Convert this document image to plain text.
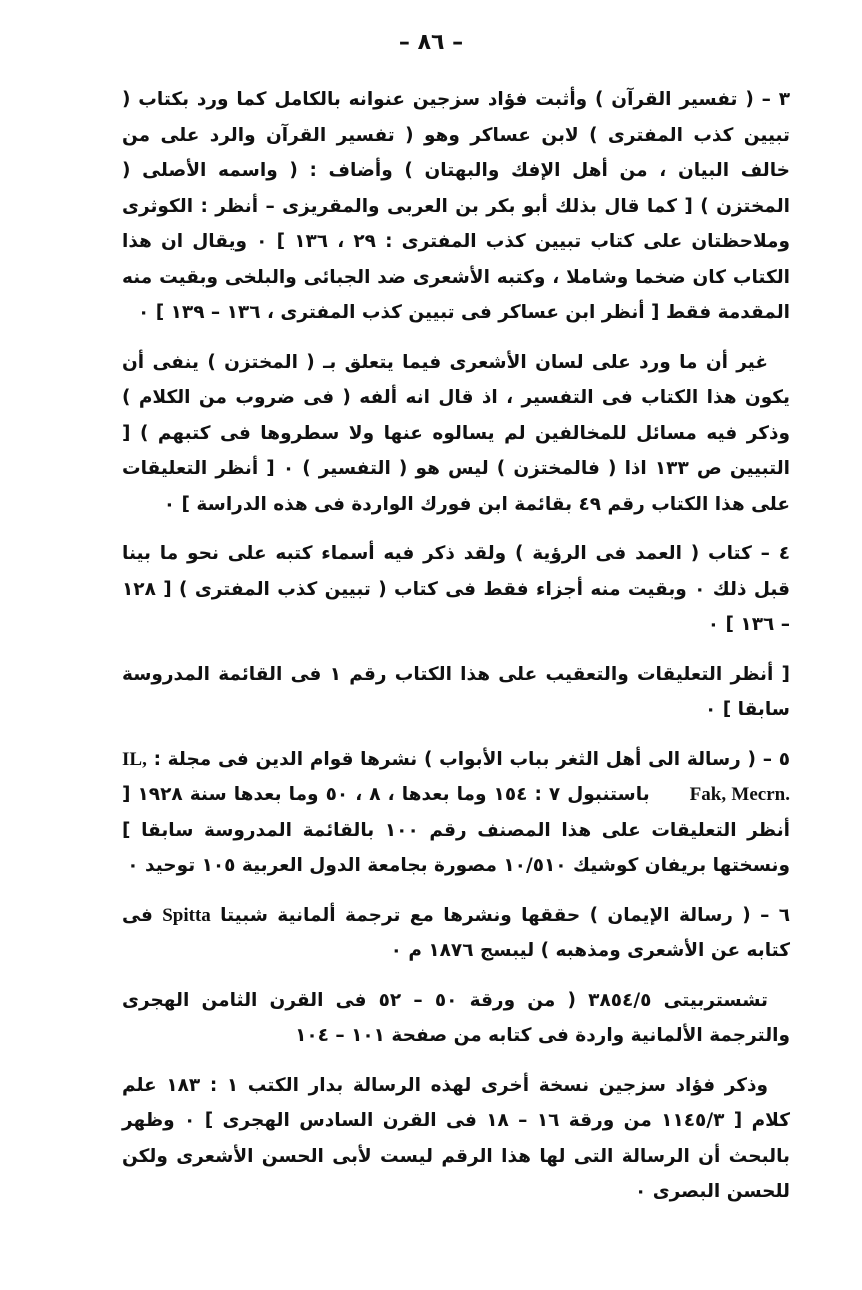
– ٨٦ –

٣ – ( تفسير القرآن ) وأثبت فؤاد سزجين عنوانه بالكامل كما ورد بكتاب ( تبيين كذب المفترى ) لابن عساكر وهو ( تفسير القرآن والرد على من خالف البيان ، من أهل الإفك والبهتان ) وأضاف : ( واسمه الأصلى ( المختزن ) [ كما قال بذلك أبو بكر بن العربى والمقريزى – أنظر : الكوثرى وملاحظتان على كتاب تبيين كذب المفترى : ٢٩ ، ١٣٦ ] ٠ ويقال ان هذا الكتاب كان ضخما وشاملا ، وكتبه الأشعرى ضد الجبائى والبلخى وبقيت منه المقدمة فقط [ أنظر ابن عساكر فى تبيين كذب المفترى ، ١٣٦ – ١٣٩ ] ٠

غير أن ما ورد على لسان الأشعرى فيما يتعلق بـ ( المختزن ) ينفى أن يكون هذا الكتاب فى التفسير ، اذ قال انه ألفه ( فى ضروب من الكلام ) وذكر فيه مسائل للمخالفين لم يسالوه عنها ولا سطروها فى كتبهم ) [ التبيين ص ١٣٣ اذا ( فالمختزن ) ليس هو ( التفسير ) ٠ [ أنظر التعليقات على هذا الكتاب رقم ٤٩ بقائمة ابن فورك الواردة فى هذه الدراسة ] ٠

٤ – كتاب ( العمد فى الرؤية ) ولقد ذكر فيه أسماء كتبه على نحو ما بينا قبل ذلك ٠ وبقيت منه أجزاء فقط فى كتاب ( تبيين كذب المفترى ) [ ١٢٨ – ١٣٦ ] ٠

[ أنظر التعليقات والتعقيب على هذا الكتاب رقم ١ فى القائمة المدروسة سابقا ] ٠

٥ – ( رسالة الى أهل الثغر بباب الأبواب ) نشرها قوام الدين فى مجلة : IL, Fak, Mecrn.باستنبول ٧ : ١٥٤ وما بعدها ، ٨ ، ٥٠ وما بعدها سنة ١٩٢٨ [ أنظر التعليقات على هذا المصنف رقم ١٠٠ بالقائمة المدروسة سابقا ] ونسختها بريفان كوشيك ١٠/٥١٠ مصورة بجامعة الدول العربية ١٠٥ توحيد ٠

٦ – ( رسالة الإيمان ) حققها ونشرها مع ترجمة ألمانية شبيتا Spitta فى كتابه عن الأشعرى ومذهبه ) ليبسج ١٨٧٦ م ٠

تشستربيتى ٣٨٥٤/٥ ( من ورقة ٥٠ – ٥٢ فى القرن الثامن الهجرى والترجمة الألمانية واردة فى كتابه من صفحة ١٠١ – ١٠٤

وذكر فؤاد سزجين نسخة أخرى لهذه الرسالة بدار الكتب ١ : ١٨٣ علم كلام [ ١١٤٥/٣ من ورقة ١٦ – ١٨ فى القرن السادس الهجرى ] ٠ وظهر بالبحث أن الرسالة التى لها هذا الرقم ليست لأبى الحسن الأشعرى ولكن للحسن البصرى ٠
